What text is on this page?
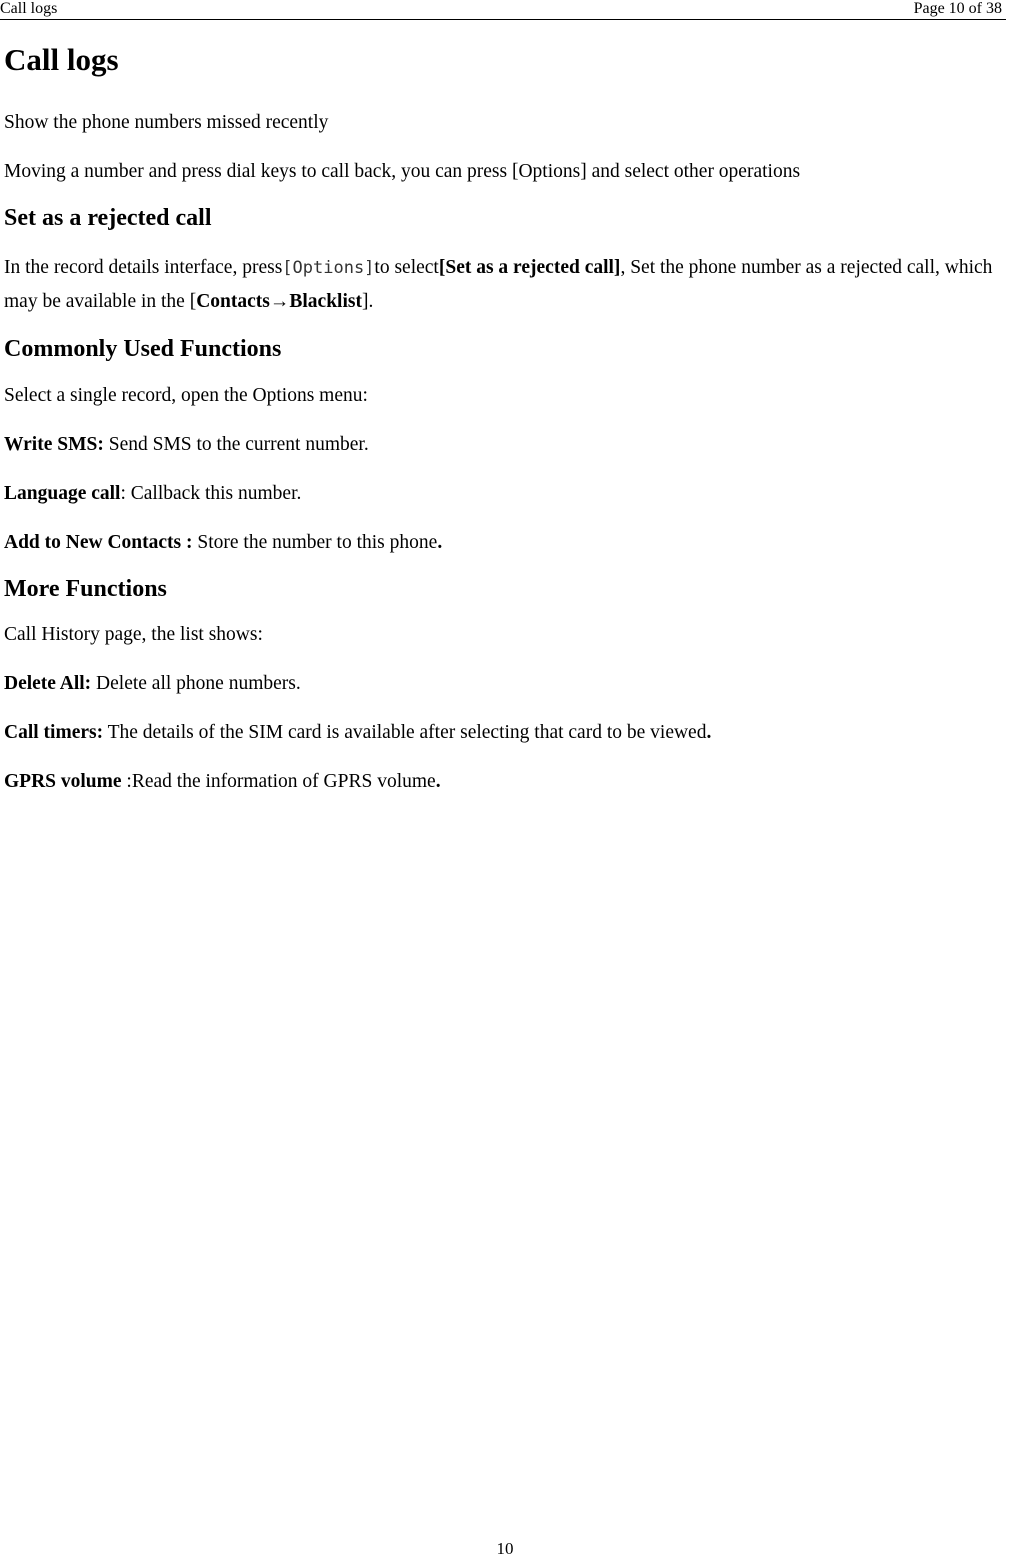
Call logs	Page 10 of 38
Call logs

Show the phone numbers missed recently

Moving a number and press dial keys to call back, you can press [Options] and select other operations

Set as a rejected call

In the record details interface, press[Options]to select[Set as a rejected call], Set the phone number as a rejected call, which may be available in the [Contacts→Blacklist].

Commonly Used Functions

Select a single record, open the Options menu:

Write SMS: Send SMS to the current number.

Language call: Callback this number.

Add to New Contacts : Store the number to this phone.

More Functions

Call History page, the list shows:

Delete All: Delete all phone numbers.

Call timers: The details of the SIM card is available after selecting that card to be viewed.

GPRS volume :Read the information of GPRS volume.

10
